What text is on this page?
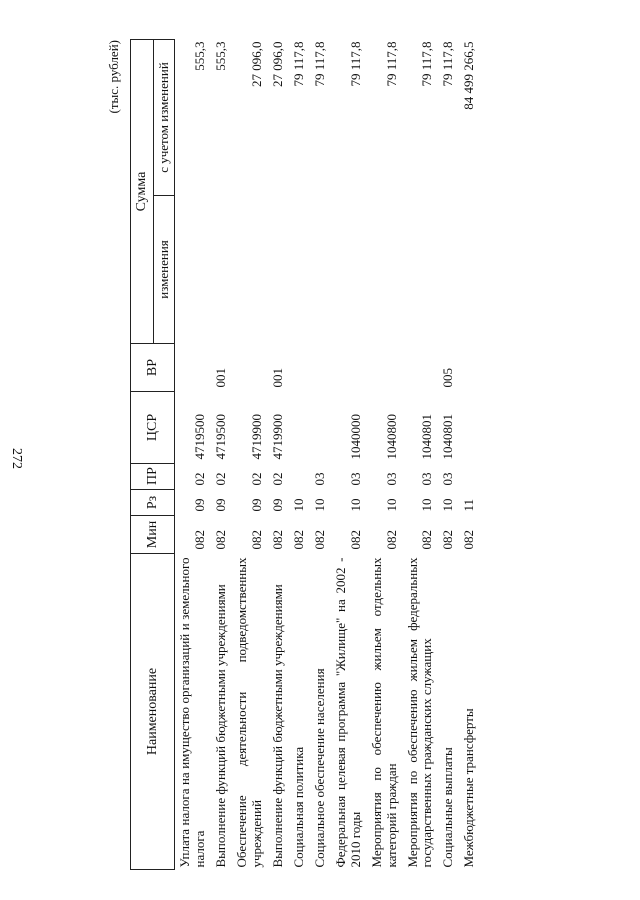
272
(тыс. рублей)
Наименование	Мин	Рз	ПР	ЦСР	ВР	Сумма	
						изменения	с учетом изменений
Уплата налога на имущество организаций и земельного налога	082	09	02	4719500			555,3
Выполнение функций бюджетными учреждениями	082	09	02	4719500	001		555,3
Обеспечение деятельности подведомственных учреждений	082	09	02	4719900			27 096,0
Выполнение функций бюджетными учреждениями	082	09	02	4719900	001		27 096,0
Социальная политика	082	10					79 117,8
Социальное обеспечение населения	082	10	03				79 117,8
Федеральная целевая программа "Жилище" на 2002 - 2010 годы	082	10	03	1040000			79 117,8
Мероприятия по обеспечению жильем отдельных категорий граждан	082	10	03	1040800			79 117,8
Мероприятия по обеспечению жильем федеральных государственных гражданских служащих	082	10	03	1040801			79 117,8
Социальные выплаты	082	10	03	1040801	005		79 117,8
Межбюджетные трансферты	082	11					84 499 266,5
